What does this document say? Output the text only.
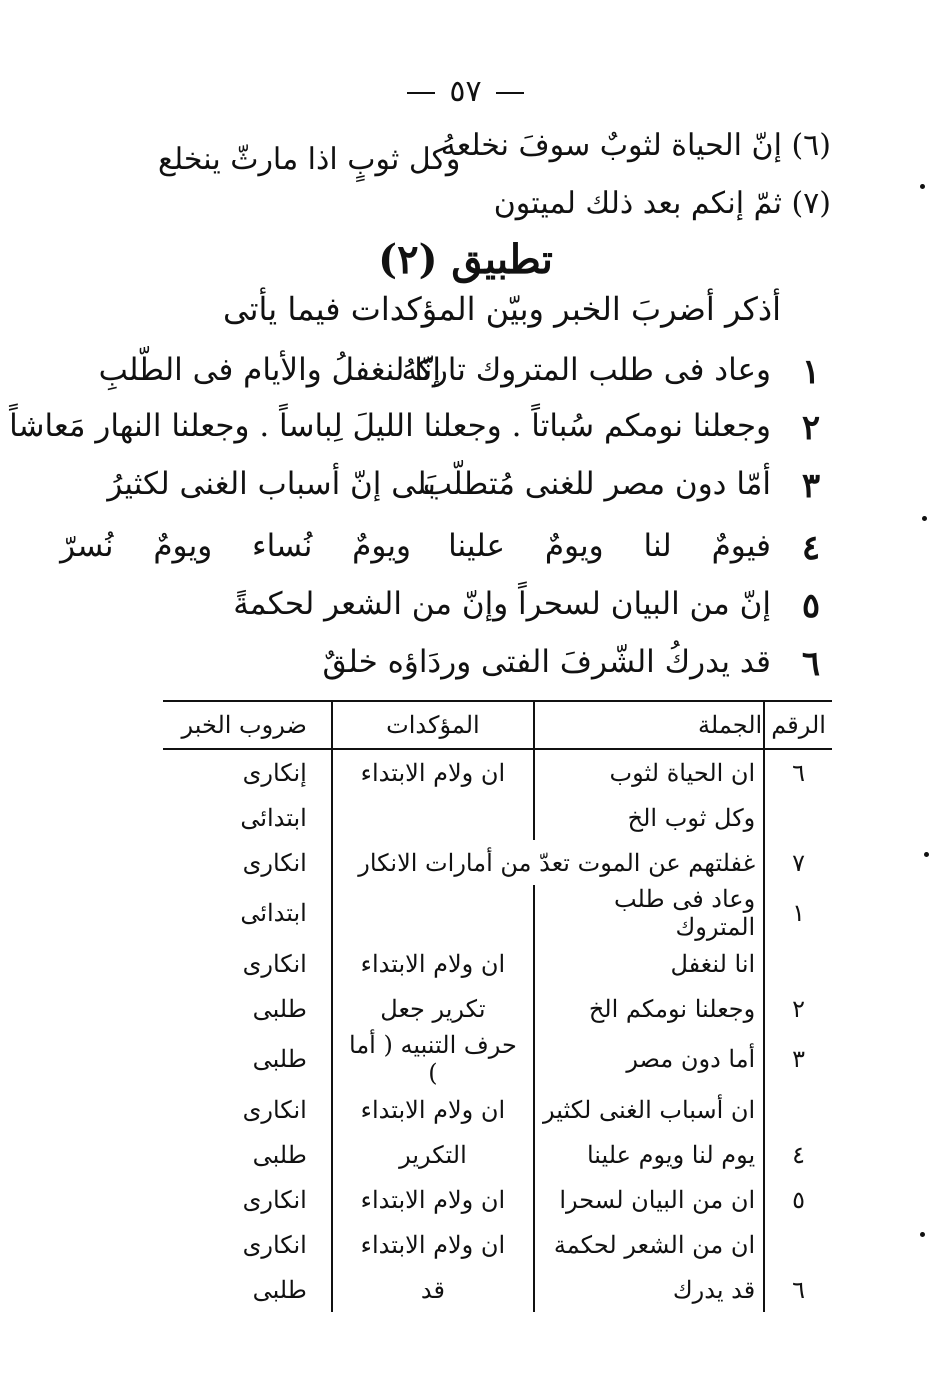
٥٧
(٦) إنّ الحياة لثوبٌ سوفَ نخلعهُ
وكل ثوبٍ اذا مارثّ ينخلع
(٧) ثمّ إنكم بعد ذلك لميتون
تطبيق (٢)
أذكر أضربَ الخبر وبيّن المؤكدات فيما يأتى
١
وعاد فى طلب المتروك تاركهُ
إنّا لنغفلُ والأيام فى الطّلبِ
٢
وجعلنا نومكم سُباتاً . وجعلنا الليلَ لِباساً . وجعلنا النهار مَعاشاً
٣
أمّا دون مصر للغنى مُتطلّب
بَلى إنّ أسباب الغنى لكثيرُ
٤
فيومٌ لنا ويومٌ علينا
ويومٌ نُساء ويومٌ نُسرّ
٥
إنّ من البيان لسحراً وإنّ من الشعر لحكمةً
٦
قد يدركُ الشّرفَ الفتى وردَاؤه خلقٌ
الرقم	الجملة	المؤكدات	ضروب الخبر
٦	ان الحياة لثوب	ان ولام الابتداء	إنكارى
	وكل ثوب الخ		ابتدائى
٧	غفلتهم عن الموت تعدّ من أمارات الانكار		انكارى
١	وعاد فى طلب المتروك		ابتدائى
	انا لنغفل	ان ولام الابتداء	انكارى
٢	وجعلنا نومكم الخ	تكرير جعل	طلبى
٣	أما دون مصر	حرف التنبيه ( أما )	طلبى
	ان أسباب الغنى لكثير	ان ولام الابتداء	انكارى
٤	يوم لنا ويوم علينا	التكرير	طلبى
٥	ان من البيان لسحرا	ان ولام الابتداء	انكارى
	ان من الشعر لحكمة	ان ولام الابتداء	انكارى
٦	قد يدرك	قد	طلبى
